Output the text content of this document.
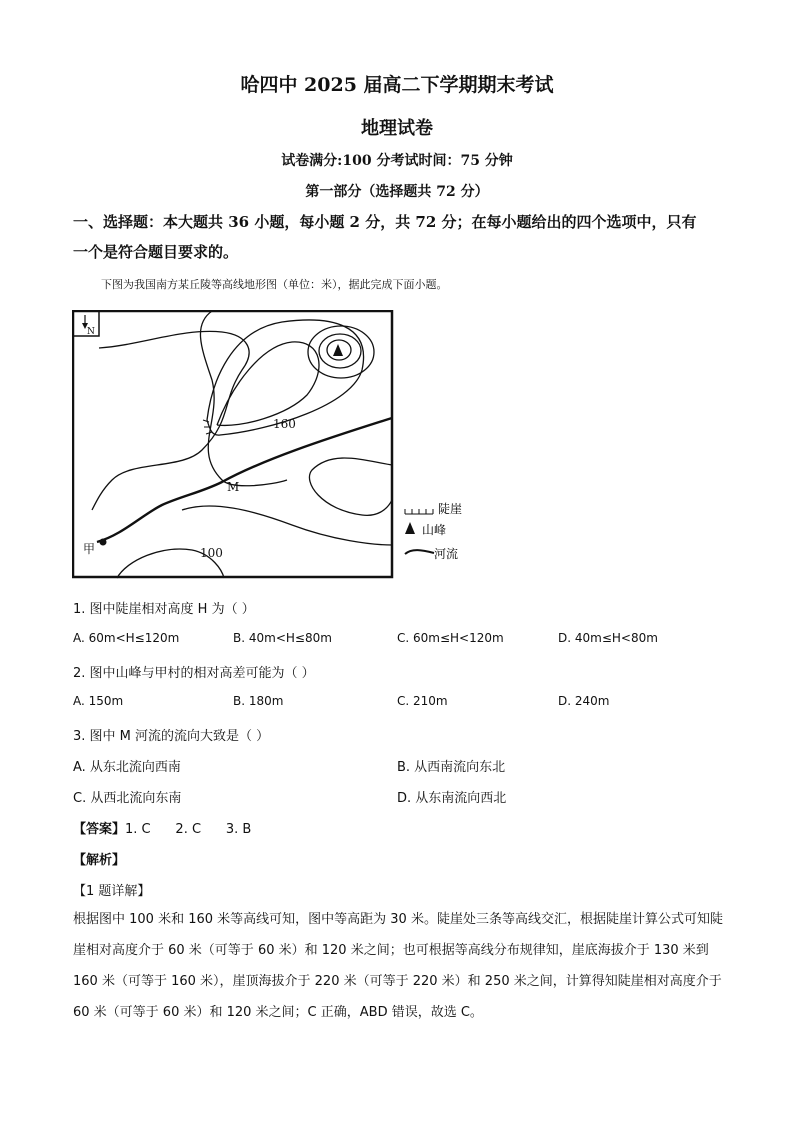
哈四中 2025 届高二下学期期末考试
地理试卷
试卷满分:100 分考试时间：75 分钟
第一部分（选择题共 72 分）
一、选择题：本大题共 36 小题，每小题 2 分，共 72 分；在每小题给出的四个选项中，只有
一个是符合题目要求的。
下图为我国南方某丘陵等高线地形图（单位：米），据此完成下面小题。
N
160
100
M
甲
陡崖
山峰
河流
1. 图中陡崖相对高度 H 为（ ）
A. 60m<H≤120m	B. 40m<H≤80m	C. 60m≤H<120m	D. 40m≤H<80m
2. 图中山峰与甲村的相对高差可能为（ ）
A. 150m	B. 180m	C. 210m	D. 240m
3. 图中 M 河流的流向大致是（ ）
A. 从东北流向西南	B. 从西南流向东北
C. 从西北流向东南	D. 从东南流向西北
【答案】1. C      2. C      3. B
【解析】
【1 题详解】
根据图中 100 米和 160 米等高线可知，图中等高距为 30 米。陡崖处三条等高线交汇，根据陡崖计算公式可知陡崖相对高度介于 60 米（可等于 60 米）和 120 米之间；也可根据等高线分布规律知，崖底海拔介于 130 米到 160 米（可等于 160 米），崖顶海拔介于 220 米（可等于 220 米）和 250 米之间，计算得知陡崖相对高度介于 60 米（可等于 60 米）和 120 米之间；C 正确，ABD 错误，故选 C。
